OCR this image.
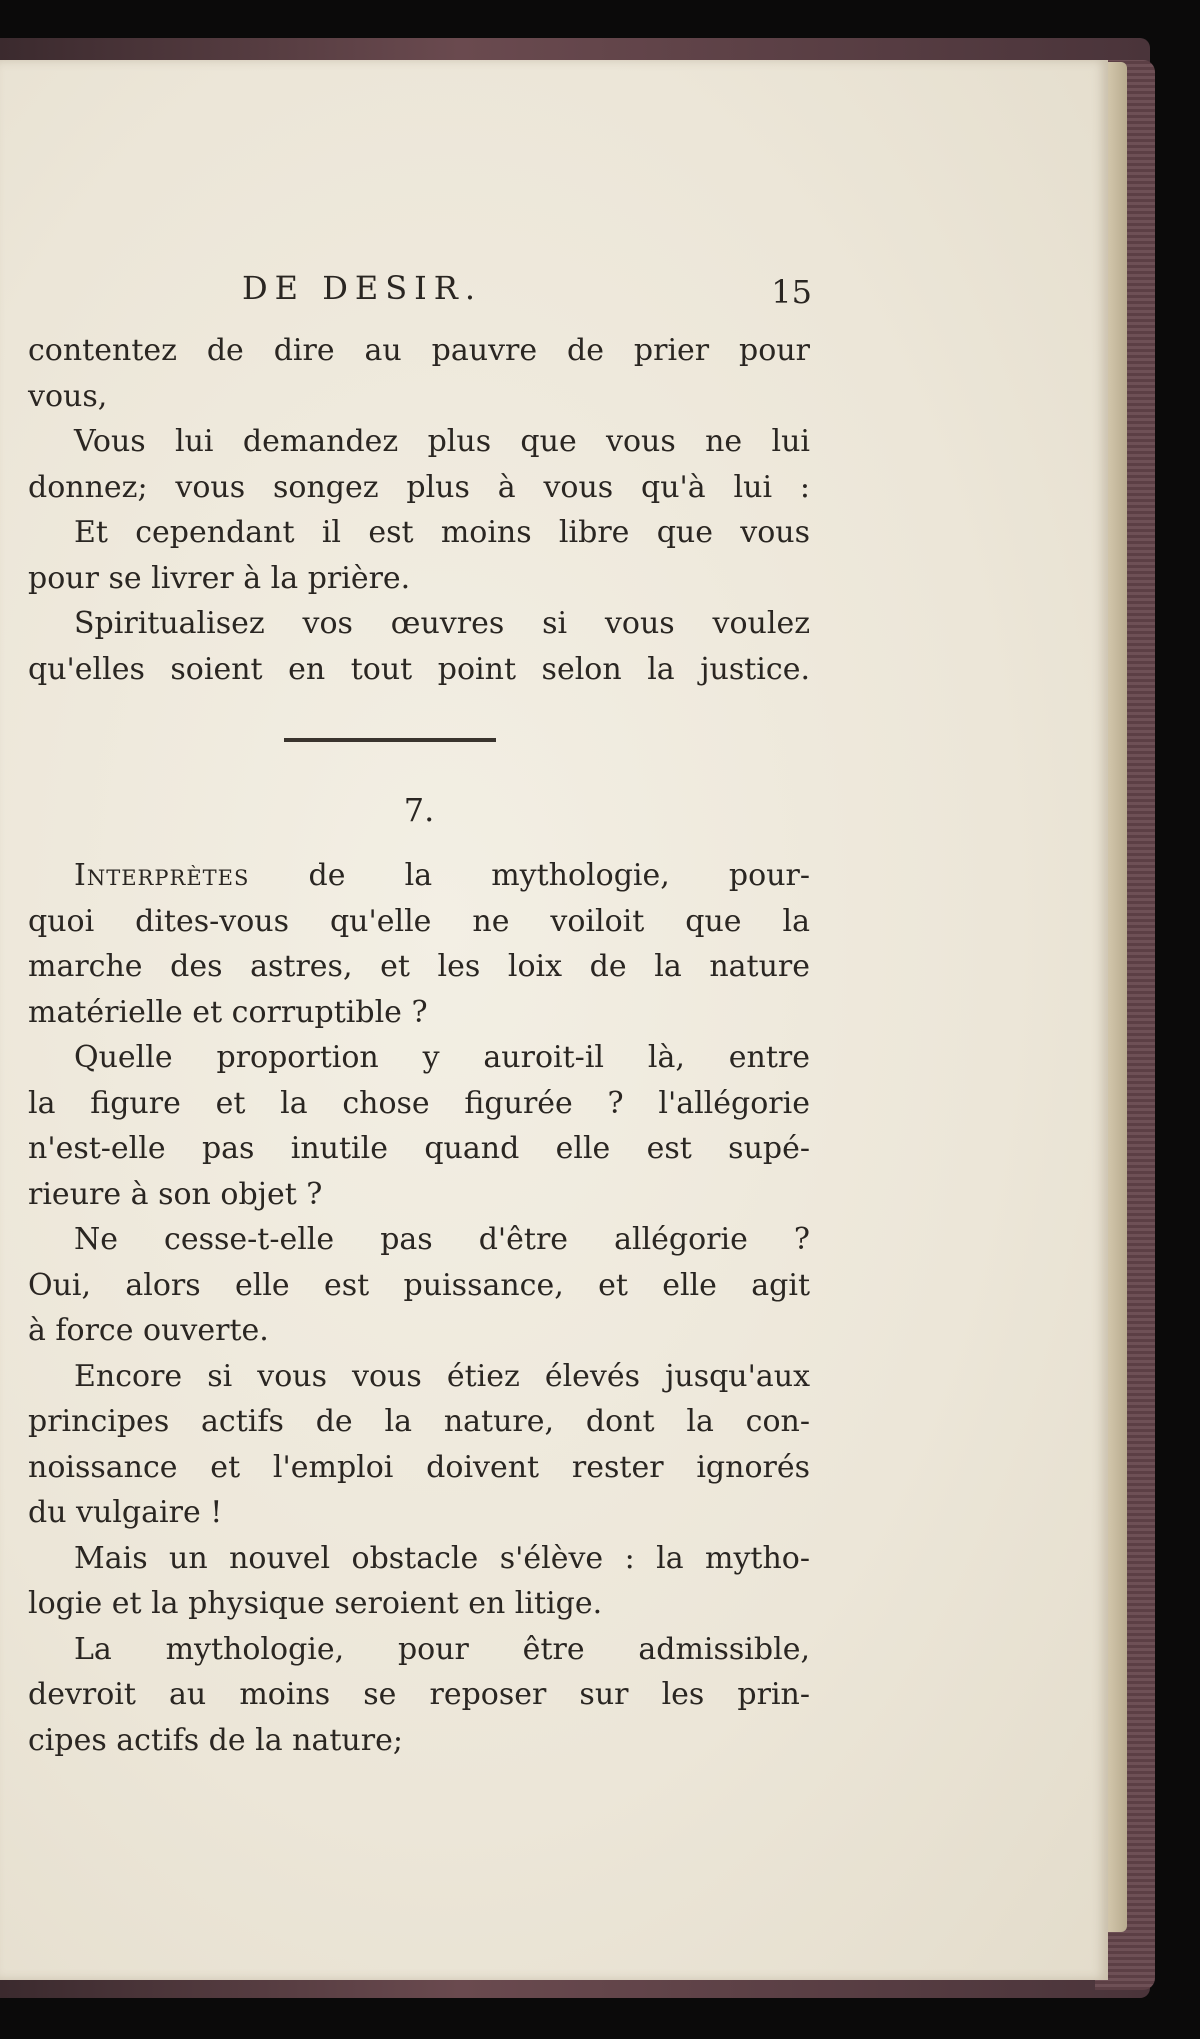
DE DESIR.	15
contentez de dire au pauvre de prier pour
vous,
Vous lui demandez plus que vous ne lui
donnez; vous songez plus à vous qu'à lui :
Et cependant il est moins libre que vous
pour se livrer à la prière.
Spiritualisez vos œuvres si vous voulez
qu'elles soient en tout point selon la justice.
7.
Interprètes de la mythologie, pour-
quoi dites-vous qu'elle ne voiloit que la
marche des astres, et les loix de la nature
matérielle et corruptible ?
Quelle proportion y auroit-il là, entre
la figure et la chose figurée ? l'allégorie
n'est-elle pas inutile quand elle est supé-
rieure à son objet ?
Ne cesse-t-elle pas d'être allégorie ?
Oui, alors elle est puissance, et elle agit
à force ouverte.
Encore si vous vous étiez élevés jusqu'aux
principes actifs de la nature, dont la con-
noissance et l'emploi doivent rester ignorés
du vulgaire !
Mais un nouvel obstacle s'élève : la mytho-
logie et la physique seroient en litige.
La mythologie, pour être admissible,
devroit au moins se reposer sur les prin-
cipes actifs de la nature;
